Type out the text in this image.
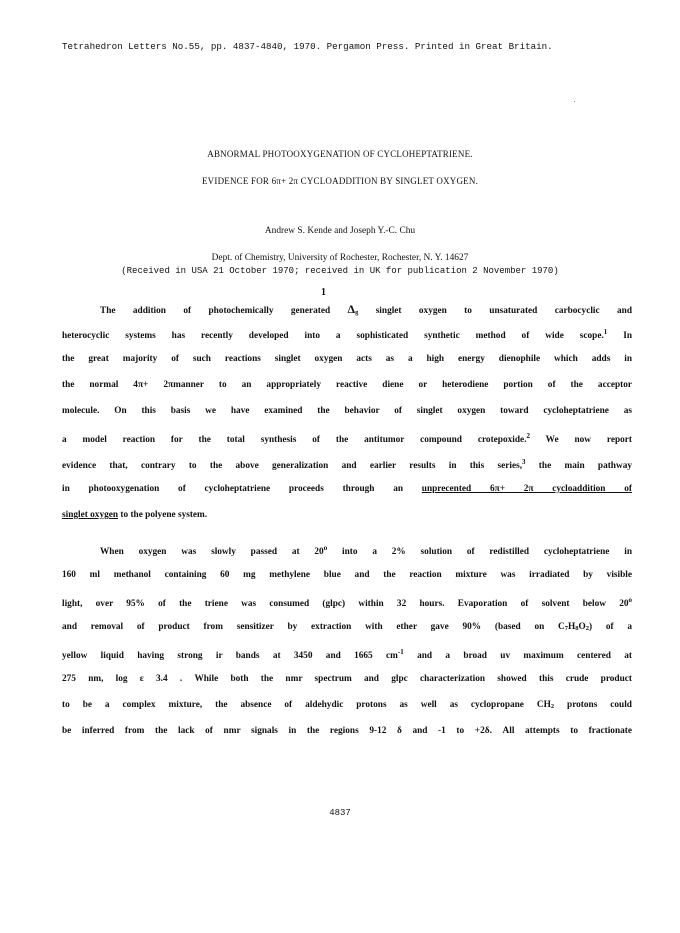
Tetrahedron Letters No.55, pp. 4837-4840, 1970. Pergamon Press. Printed in Great Britain.
ABNORMAL PHOTOOXYGENATION OF CYCLOHEPTATRIENE.
EVIDENCE FOR 6π+ 2π CYCLOADDITION BY SINGLET OXYGEN.
Andrew S. Kende and Joseph Y.-C. Chu
Dept. of Chemistry, University of Rochester, Rochester, N. Y. 14627
(Received in USA 21 October 1970; received in UK for publication 2 November 1970)
1
The addition of photochemically generated $\Delta_g$ singlet oxygen to unsaturated carbocyclic and
heterocyclic systems has recently developed into a sophisticated synthetic method of wide scope.$^1$ In
the great majority of such reactions singlet oxygen acts as a high energy dienophile which adds in
the normal 4π+ 2πmanner to an appropriately reactive diene or heterodiene portion of the acceptor
molecule. On this basis we have examined the behavior of singlet oxygen toward cycloheptatriene as
a model reaction for the total synthesis of the antitumor compound crotepoxide.$^2$ We now report
evidence that, contrary to the above generalization and earlier results in this series,$^3$ the main pathway
in photooxygenation of cycloheptatriene proceeds through an unprecented 6π+ 2π cycloaddition of
singlet oxygen to the polyene system.
When oxygen was slowly passed at 20$^o$ into a 2% solution of redistilled cycloheptatriene in
160 ml methanol containing 60 mg methylene blue and the reaction mixture was irradiated by visible
light, over 95% of the triene was consumed (glpc) within 32 hours. Evaporation of solvent below 20$^o$
and removal of product from sensitizer by extraction with ether gave 90% (based on $C_7H_8O_2$) of a
yellow liquid having strong ir bands at 3450 and 1665 $cm^{-1}$ and a broad uv maximum centered at
275 nm, log ε 3.4 . While both the nmr spectrum and glpc characterization showed this crude product
to be a complex mixture, the absence of aldehydic protons as well as cyclopropane $CH_2$ protons could
be inferred from the lack of nmr signals in the regions 9-12 δ and -1 to +2δ. All attempts to fractionate
4837
